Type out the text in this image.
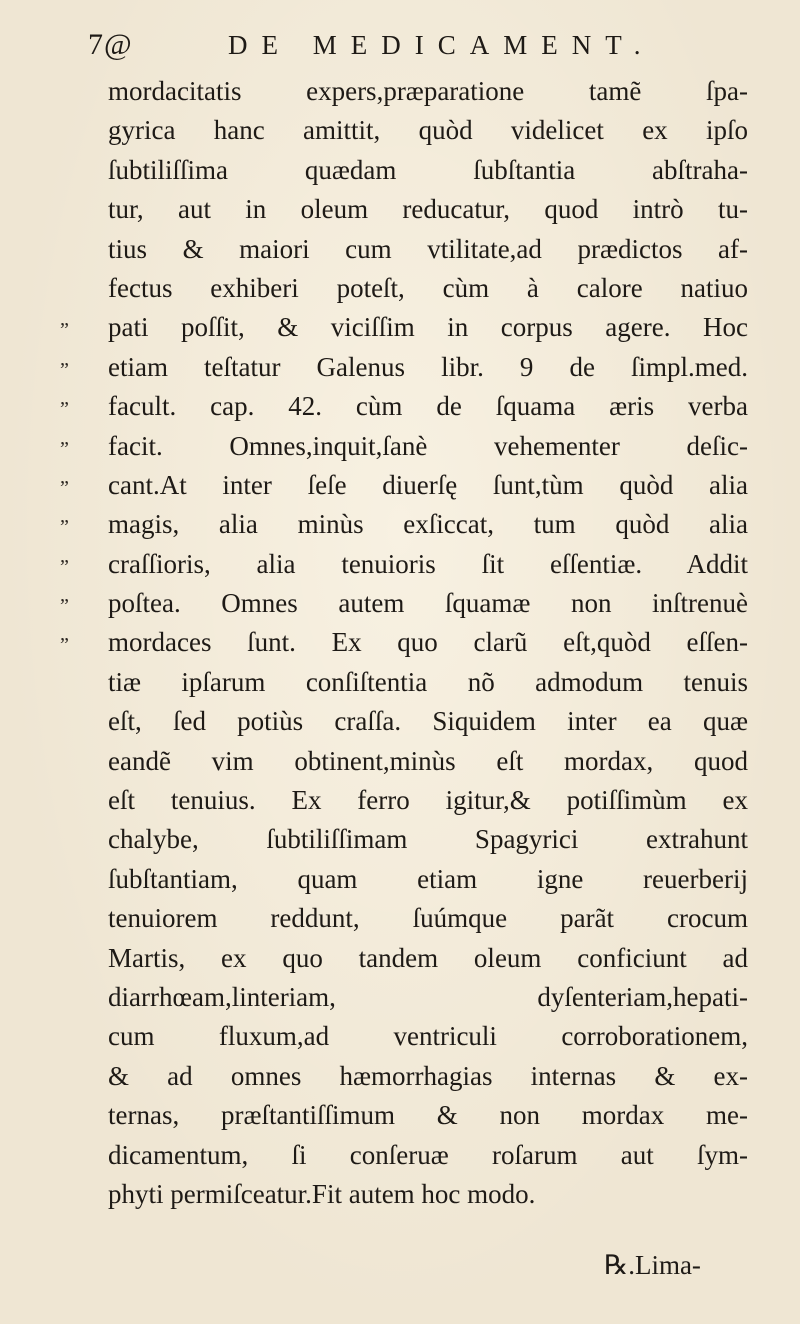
7@	DE MEDICAMENT.
mordacitatis expers,præparatione tamẽ ſpa-
gyrica hanc amittit, quòd videlicet ex ipſo
ſubtiliſſima quædam ſubſtantia abſtraha-
tur, aut in oleum reducatur, quod intrò tu-
tius & maiori cum vtilitate,ad prædictos af-
fectus exhiberi poteſt, cùm à calore natiuo
„	pati poſſit, & viciſſim in corpus agere. Hoc
„	etiam teſtatur Galenus libr. 9 de ſimpl.med.
„	facult. cap. 42. cùm de ſquama æris verba
„	facit. Omnes,inquit,ſanè vehementer deſic-
„	cant.At inter ſeſe diuerſę ſunt,tùm quòd alia
„	magis, alia minùs exſiccat, tum quòd alia
„	craſſioris, alia tenuioris ſit eſſentiæ. Addit
„	poſtea. Omnes autem ſquamæ non inſtrenuè
„	mordaces ſunt. Ex quo clarũ eſt,quòd eſſen-
tiæ ipſarum conſiſtentia nõ admodum tenuis
eſt, ſed potiùs craſſa. Siquidem inter ea quæ
eandẽ vim obtinent,minùs eſt mordax, quod
eſt tenuius. Ex ferro igitur,& potiſſimùm ex
chalybe, ſubtiliſſimam Spagyrici extrahunt
ſubſtantiam, quam etiam igne reuerberij
tenuiorem reddunt, ſuúmque parãt crocum
Martis, ex quo tandem oleum conficiunt ad
diarrhœam,linteriam, dyſenteriam,hepati-
cum fluxum,ad ventriculi corroborationem,
& ad omnes hæmorrhagias internas & ex-
ternas, præſtantiſſimum & non mordax me-
dicamentum, ſi conſeruæ roſarum aut ſym-
phyti permiſceatur.Fit autem hoc modo.
℞.Lima-
